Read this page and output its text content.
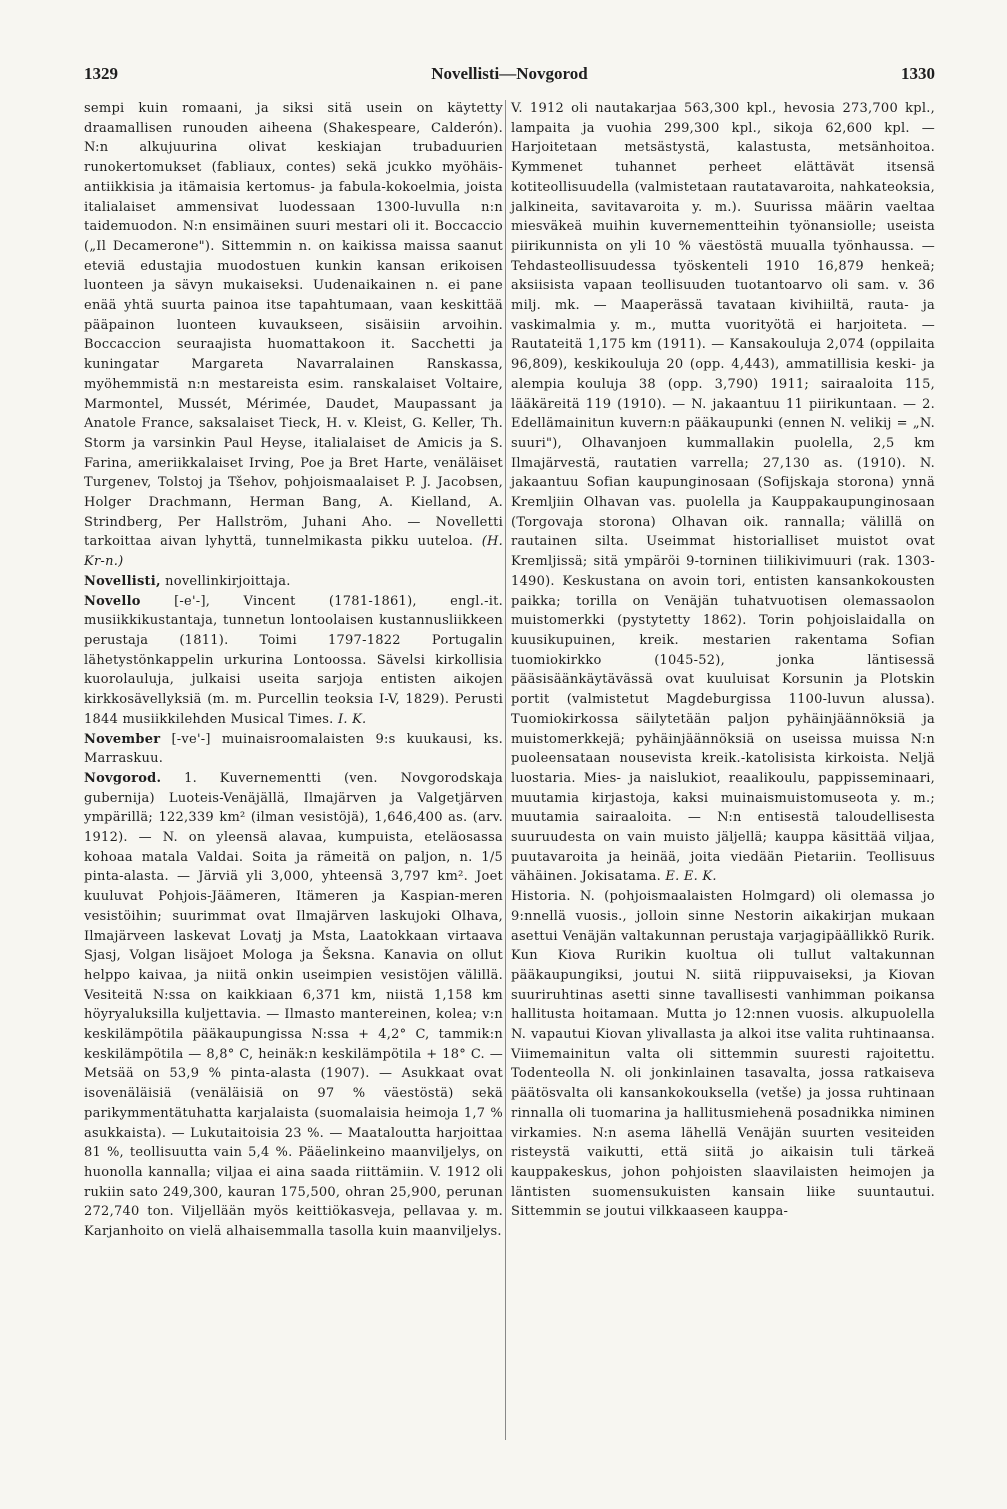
1329	Novellisti—Novgorod	1330

sempi kuin romaani, ja siksi sitä usein on käytetty draamallisen runouden aiheena (Shakespeare, Calderón). N:n alkujuurina olivat keskiajan trubaduurien runokertomukset (fabliaux, contes) sekä jcukko myöhäis-antiikkisia ja itämaisia kertomus- ja fabula-kokoelmia, joista italialaiset ammensivat luodessaan 1300-luvulla n:n taidemuodon. N:n ensimäinen suuri mestari oli it. Boccaccio („Il Decamerone"). Sittemmin n. on kaikissa maissa saanut eteviä edustajia muodostuen kunkin kansan erikoisen luonteen ja sävyn mukaiseksi. Uudenaikainen n. ei pane enää yhtä suurta painoa itse tapahtumaan, vaan keskittää pääpainon luonteen kuvaukseen, sisäisiin arvoihin. Boccaccion seuraajista huomattakoon it. Sacchetti ja kuningatar Margareta Navarralainen Ranskassa, myöhemmistä n:n mestareista esim. ranskalaiset Voltaire, Marmontel, Mussét, Mérimée, Daudet, Maupassant ja Anatole France, saksalaiset Tieck, H. v. Kleist, G. Keller, Th. Storm ja varsinkin Paul Heyse, italialaiset de Amicis ja S. Farina, ameriikkalaiset Irving, Poe ja Bret Harte, venäläiset Turgenev, Tolstoj ja Tšehov, pohjoismaalaiset P. J. Jacobsen, Holger Drachmann, Herman Bang, A. Kielland, A. Strindberg, Per Hallström, Juhani Aho. — Novelletti tarkoittaa aivan lyhyttä, tunnelmikasta pikku uuteloa. (H. Kr-n.)

Novellisti, novellinkirjoittaja.

Novello	[-e'-], Vincent (1781-1861), engl.-it. musiikkikustantaja, tunnetun lontoolaisen kustannusliikkeen perustaja (1811). Toimi 1797-1822 Portugalin lähetystönkappelin urkurina Lontoossa. Sävelsi kirkollisia kuorolauluja, julkaisi useita sarjoja entisten aikojen kirkkosävellyksiä (m. m. Purcellin teoksia I-V, 1829). Perusti 1844 musiikkilehden Musical Times. I. K.

November [-ve'-] muinaisroomalaisten 9:s kuukausi, ks. Marraskuu.

Novgorod. 1. Kuvernementti (ven. Novgorodskaja gubernija) Luoteis-Venäjällä, Ilmajärven ja Valgetjärven ympärillä; 122,339 km² (ilman vesistöjä), 1,646,400 as. (arv. 1912). — N. on yleensä alavaa, kumpuista, eteläosassa kohoaa matala Valdai. Soita ja rämeitä on paljon, n. 1/5 pinta-alasta. — Järviä yli 3,000, yhteensä 3,797 km². Joet kuuluvat Pohjois-Jäämeren, Itämeren ja Kaspian-meren vesistöihin; suurimmat ovat Ilmajärven laskujoki Olhava, Ilmajärveen laskevat Lovatj ja Msta, Laatokkaan virtaava Sjasj, Volgan lisäjoet Mologa ja Šeksna. Kanavia on ollut helppo kaivaa, ja niitä onkin useimpien vesistöjen välillä. Vesiteitä N:ssa on kaikkiaan 6,371 km, niistä 1,158 km höyryaluksilla kuljettavia. — Ilmasto mantereinen, kolea; v:n keskilämpötila pääkaupungissa N:ssa + 4,2° C, tammik:n keskilämpötila — 8,8° C, heinäk:n keskilämpötila + 18° C. — Metsää on 53,9 % pinta-alasta (1907). — Asukkaat ovat isovenäläisiä (venäläisiä on 97 % väestöstä) sekä parikymmentätuhatta karjalaista (suomalaisia heimoja 1,7 % asukkaista). — Lukutaitoisia 23 %. — Maataloutta harjoittaa 81 %, teollisuutta vain 5,4 %. Pääelinkeino maanviljelys, on huonolla kannalla; viljaa ei aina saada riittämiin. V. 1912 oli rukiin sato 249,300, kauran 175,500, ohran 25,900, perunan 272,740 ton. Viljellään myös keittiökasveja, pellavaa y. m. Karjanhoito on vielä alhaisemmalla tasolla kuin maanviljelys.

V. 1912 oli nautakarjaa 563,300 kpl., hevosia 273,700 kpl., lampaita ja vuohia 299,300 kpl., sikoja 62,600 kpl. — Harjoitetaan metsästystä, kalastusta, metsänhoitoa. Kymmenet tuhannet perheet elättävät itsensä kotiteollisuudella (valmistetaan rautatavaroita, nahkateoksia, jalkineita, savitavaroita y. m.). Suurissa määrin vaeltaa miesväkeä muihin kuvernementteihin työnansiolle; useista piirikunnista on yli 10 % väestöstä muualla työnhaussa. — Tehdasteollisuudessa työskenteli 1910 16,879 henkeä; aksiisista vapaan teollisuuden tuotantoarvo oli sam. v. 36 milj. mk. — Maaperässä tavataan kivihiiltä, rauta- ja vaskimalmia y. m., mutta vuorityötä ei harjoiteta. — Rautateitä 1,175 km (1911). — Kansakouluja 2,074 (oppilaita 96,809), keskikouluja 20 (opp. 4,443), ammatillisia keski- ja alempia kouluja 38 (opp. 3,790) 1911; sairaaloita 115, lääkäreitä 119 (1910). — N. jakaantuu 11 piirikuntaan. — 2. Edellämainitun kuvern:n pääkaupunki (ennen N. velikij = „N. suuri"), Olhavanjoen kummallakin puolella, 2,5 km Ilmajärvestä, rautatien varrella; 27,130 as. (1910). N. jakaantuu Sofian kaupunginosaan (Sofijskaja storona) ynnä Kremljiin Olhavan vas. puolella ja Kauppakaupunginosaan (Torgovaja storona) Olhavan oik. rannalla; välillä on rautainen silta. Useimmat historialliset muistot ovat Kremljissä; sitä ympäröi 9-torninen tiilikivimuuri (rak. 1303-1490). Keskustana on avoin tori, entisten kansankokousten paikka; torilla on Venäjän tuhatvuotisen olemassaolon muistomerkki (pystytetty 1862). Torin pohjoislaidalla on kuusikupuinen, kreik. mestarien rakentama Sofian tuomiokirkko (1045-52), jonka läntisessä pääsisäänkäytävässä ovat kuuluisat Korsunin ja Plotskin portit (valmistetut Magdeburgissa 1100-luvun alussa). Tuomiokirkossa säilytetään paljon pyhäinjäännöksiä ja muistomerkkejä; pyhäinjäännöksiä on useissa muissa N:n puoleensataan nousevista kreik.-katolisista kirkoista. Neljä luostaria. Mies- ja naislukiot, reaalikoulu, pappisseminaari, muutamia kirjastoja, kaksi muinaismuistomuseota y. m.; muutamia sairaaloita. — N:n entisestä taloudellisesta suuruudesta on vain muisto jäljellä; kauppa käsittää viljaa, puutavaroita ja heinää, joita viedään Pietariin. Teollisuus vähäinen. Jokisatama. E. E. K.

Historia. N. (pohjoismaalaisten Holmgard) oli olemassa jo 9:nnellä vuosis., jolloin sinne Nestorin aikakirjan mukaan asettui Venäjän valtakunnan perustaja varjagipäällikkö Rurik. Kun Kiova Rurikin kuoltua oli tullut valtakunnan pääkaupungiksi, joutui N. siitä riippuvaiseksi, ja Kiovan suuriruhtinas asetti sinne tavallisesti vanhimman poikansa hallitusta hoitamaan. Mutta jo 12:nnen vuosis. alkupuolella N. vapautui Kiovan ylivallasta ja alkoi itse valita ruhtinaansa. Viimemainitun valta oli sittemmin suuresti rajoitettu. Todenteolla N. oli jonkinlainen tasavalta, jossa ratkaiseva päätösvalta oli kansankokouksella (vetše) ja jossa ruhtinaan rinnalla oli tuomarina ja hallitusmiehenä posadnikka niminen virkamies. N:n asema lähellä Venäjän suurten vesiteiden risteystä vaikutti, että siitä jo aikaisin tuli tärkeä kauppakeskus, johon pohjoisten slaavilaisten heimojen ja läntisten suomensukuisten kansain liike suuntautui. Sittemmin se joutui vilkkaaseen kauppa-
